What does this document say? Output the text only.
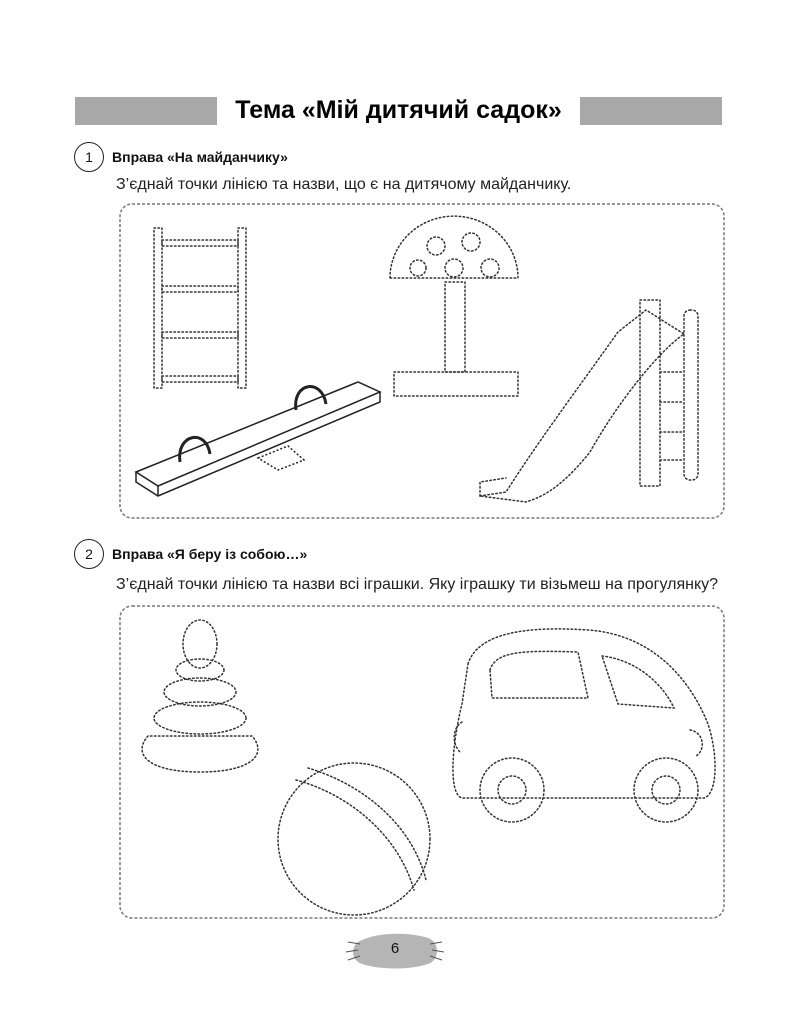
Тема «Мій дитячий садок»
1	Вправа «На майданчику»
З’єднай точки лінією та назви, що є на дитячому майданчику.
2	Вправа «Я беру із собою…»
З’єднай точки лінією та назви всі іграшки. Яку іграшку ти візьмеш на прогулянку?
6
